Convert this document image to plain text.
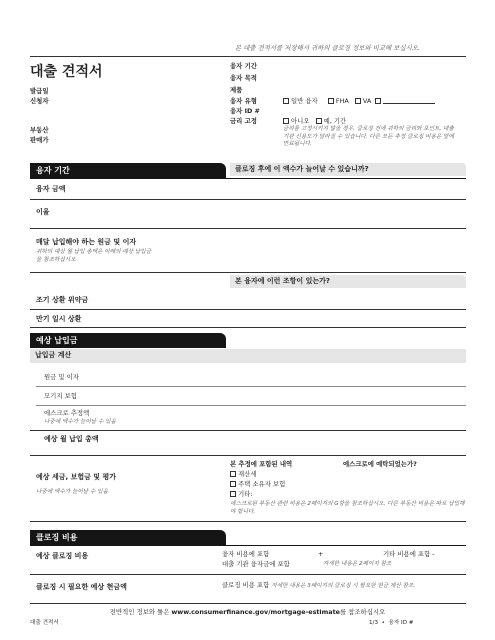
본 대출 견적서를 저장해서 귀하의 클로징 정보와 비교해 보십시오.
대출 견적서
발급일
신청자
부동산
판매가
융자 기간
융자 목적
제품
융자 유형
융자 ID #
금리 고정
일반 융자	FHA VA
아니오 예, 기간
금리를 고정시키지 않을 경우, 클로징 전에 귀하의 금리와 포인트, 대출 기관 신용도가 달라질 수 있습니다. 다른 모든 추정 클로징 비용은 앞에 만료됩니다.
융자 기간	클로징 후에 이 액수가 늘어날 수 있습니까?
융자 금액
이율
매달 납입해야 하는 원금 및 이자
귀하의 예상 월 납입 총액은 아래의 예상 납입금을 참조하십시오
본 융자에 이런 조항이 있는가?
조기 상환 위약금
만기 일시 상환
예상 납입금
납입금 계산
원금 및 이자
모기지 보험
에스크로 추정액
나중에 액수가 늘어날 수 있음
예상 월 납입 총액
예상 세금, 보험금 및 평가
나중에 액수가 늘어날 수 있음
본 추정에 포함된 내역	에스크로에 예탁되었는가?
재산세
주택 소유자 보험
기타:
에스크로된 부동산 관련 비용은 2페이지의 G항을 참조하십시오. 다른 부동산 비용은 따로 납입해야 합니다.
클로징 비용
예상 클로징 비용	융자 비용에 포함	+	기타 비용에 포함 -
대출 기관 융자금에 포함	자세한 내용은 2페이지 참조
클로징 시 필요한 예상 현금액	클로징 비용 포함 자세한 내용은 3페이지의 클로징 시 필요한 현금 계산 참조.
전반적인 정보와 툴은 www.consumerfinance.gov/mortgage-estimate를 참조하십시오
대출 견적서	1/3 • 융자 ID #
